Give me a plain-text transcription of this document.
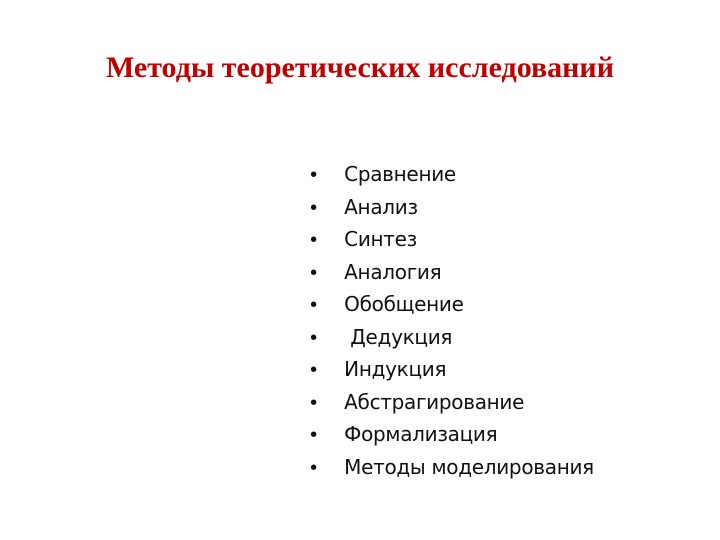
Методы теоретических исследований

• Сравнение

• Анализ

• Синтез

• Аналогия

• Обобщение

• Дедукция

• Индукция

• Абстрагирование

• Формализация

• Методы моделирования
